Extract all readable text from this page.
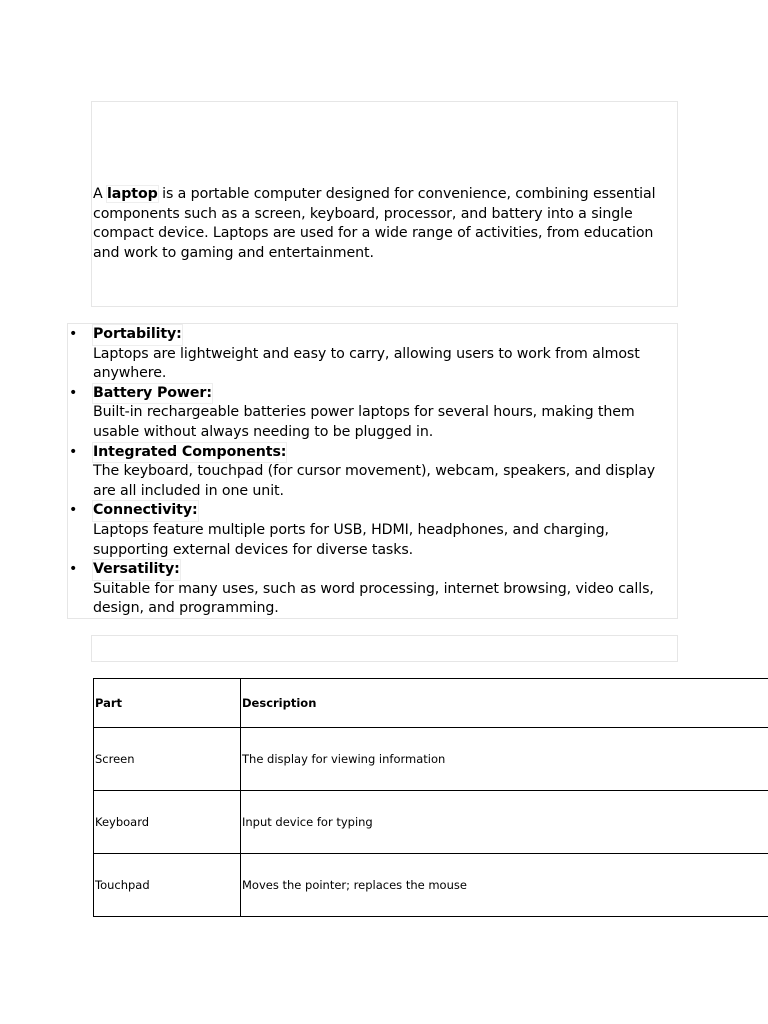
A laptop is a portable computer designed for convenience, combining essential components such as a screen, keyboard, processor, and battery into a single compact device. Laptops are used for a wide range of activities, from education and work to gaming and entertainment.

• Portability:
Laptops are lightweight and easy to carry, allowing users to work from almost anywhere.
• Battery Power:
Built-in rechargeable batteries power laptops for several hours, making them usable without always needing to be plugged in.
• Integrated Components:
The keyboard, touchpad (for cursor movement), webcam, speakers, and display are all included in one unit.
• Connectivity:
Laptops feature multiple ports for USB, HDMI, headphones, and charging, supporting external devices for diverse tasks.
• Versatility:
Suitable for many uses, such as word processing, internet browsing, video calls, design, and programming.
Part	Description
Screen	The display for viewing information
Keyboard	Input device for typing
Touchpad	Moves the pointer; replaces the mouse
